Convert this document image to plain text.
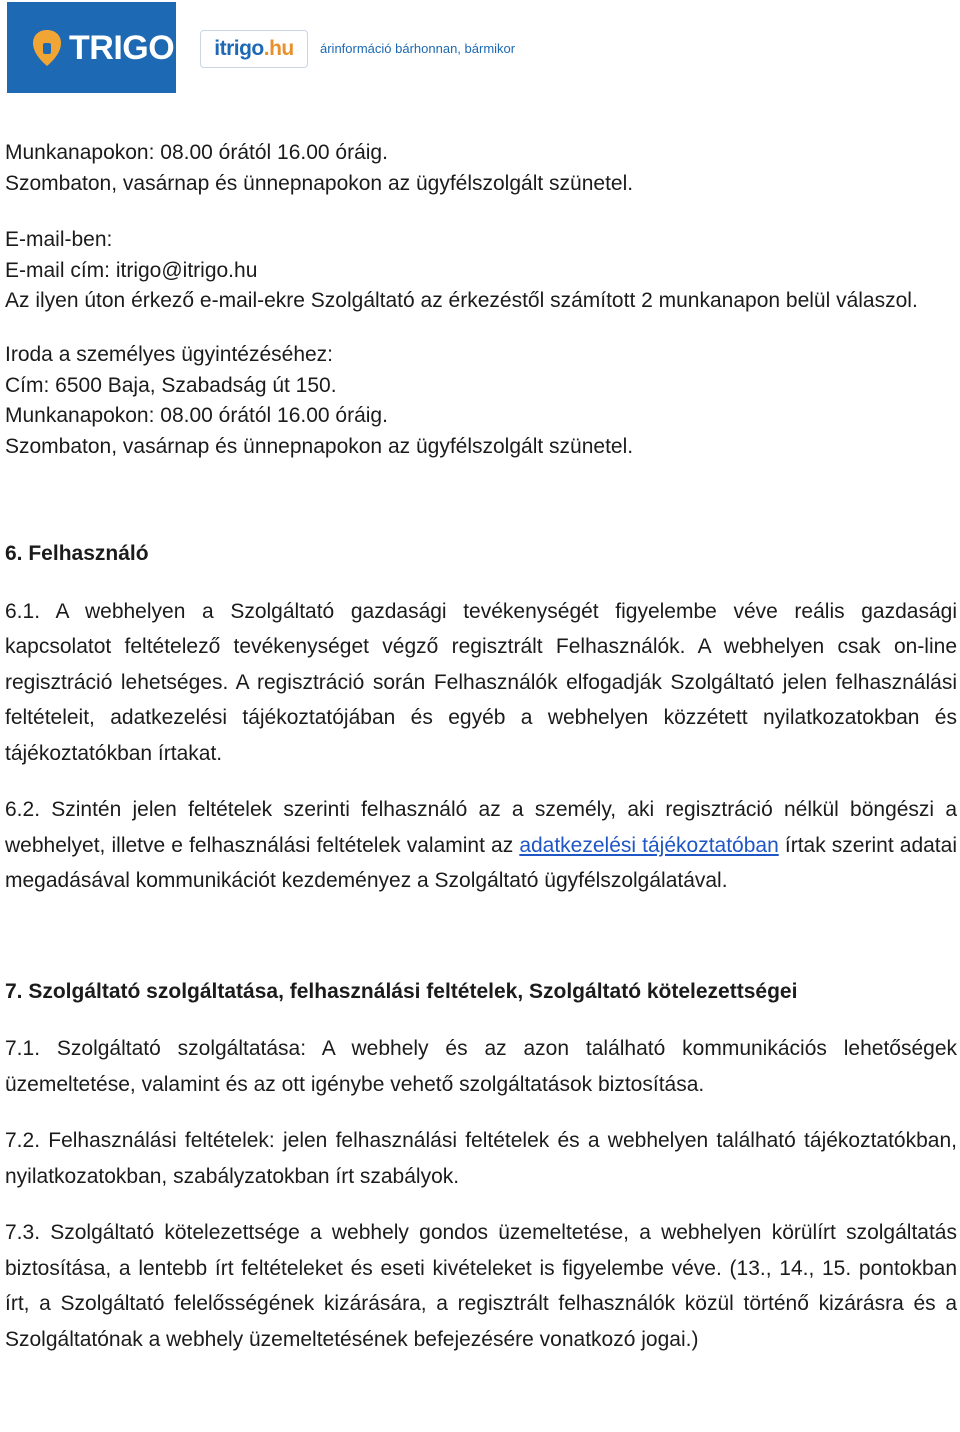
TRIGO	itrigo.hu	árinformáció bárhonnan, bármikor

Munkanapokon: 08.00 órától 16.00 óráig.

Szombaton, vasárnap és ünnepnapokon az ügyfélszolgált szünetel.

E-mail-ben:

E-mail cím: itrigo@itrigo.hu

Az ilyen úton érkező e-mail-ekre Szolgáltató az érkezéstől számított 2 munkanapon belül válaszol.

Iroda a személyes ügyintézéséhez:

Cím: 6500 Baja, Szabadság út 150.

Munkanapokon: 08.00 órától 16.00 óráig.

Szombaton, vasárnap és ünnepnapokon az ügyfélszolgált szünetel.

6. Felhasználó

6.1. A webhelyen a Szolgáltató gazdasági tevékenységét figyelembe véve reális gazdasági kapcsolatot feltételező tevékenységet végző regisztrált Felhasználók. A webhelyen csak on-line regisztráció lehetséges. A regisztráció során Felhasználók elfogadják Szolgáltató jelen felhasználási feltételeit, adatkezelési tájékoztatójában és egyéb a webhelyen közzétett nyilatkozatokban és tájékoztatókban írtakat.

6.2. Szintén jelen feltételek szerinti felhasználó az a személy, aki regisztráció nélkül böngészi a webhelyet, illetve e felhasználási feltételek valamint az adatkezelési tájékoztatóban írtak szerint adatai megadásával kommunikációt kezdeményez a Szolgáltató ügyfélszolgálatával.

7. Szolgáltató szolgáltatása, felhasználási feltételek, Szolgáltató kötelezettségei

7.1. Szolgáltató szolgáltatása: A webhely és az azon található kommunikációs lehetőségek üzemeltetése, valamint és az ott igénybe vehető szolgáltatások biztosítása.

7.2. Felhasználási feltételek: jelen felhasználási feltételek és a webhelyen található tájékoztatókban, nyilatkozatokban, szabályzatokban írt szabályok.

7.3. Szolgáltató kötelezettsége a webhely gondos üzemeltetése, a webhelyen körülírt szolgáltatás biztosítása, a lentebb írt feltételeket és eseti kivételeket is figyelembe véve. (13., 14., 15. pontokban írt, a Szolgáltató felelősségének kizárására, a regisztrált felhasználók közül történő kizárásra és a Szolgáltatónak a webhely üzemeltetésének befejezésére vonatkozó jogai.)
